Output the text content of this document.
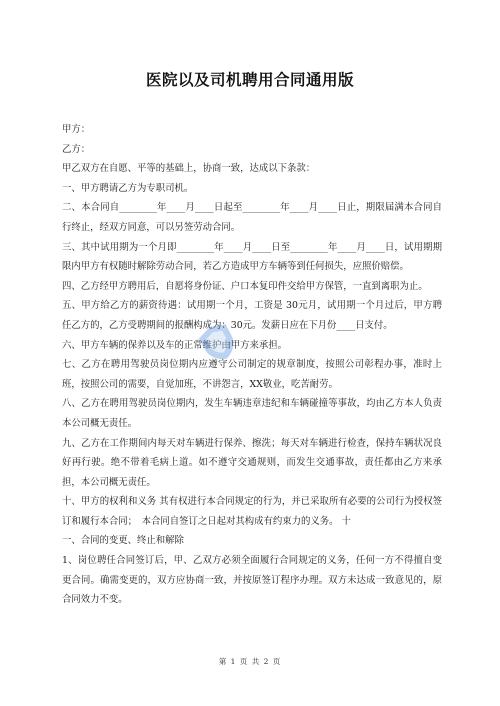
医院以及司机聘用合同通用版

甲方：

乙方：

甲乙双方在自愿、平等的基础上，协商一致，达成以下条款：

一、甲方聘请乙方为专职司机。

二、本合同自________年____月____日起至________年____月____日止，期限届满本合同自行终止，经双方同意，可以另签劳动合同。

三、其中试用期为一个月即________年____月____日至________年____月____日，试用期期限内甲方有权随时解除劳动合同，若乙方造成甲方车辆等到任何损失，应照价赔偿。

四、乙方经甲方聘用后，自愿将身份证、户口本复印件交给甲方保管，一直到离职为止。

五、甲方给乙方的薪资待遇：试用期一个月，工资是 30元月，试用期一个月过后，甲方聘任乙方的，乙方受聘期间的报酬构成为：30元。发薪日应在下月份____日支付。

六、甲方车辆的保养以及车的正常维护由甲方来承担。

七、乙方在聘用驾驶员岗位期内应遵守公司制定的规章制度，按照公司彰程办事，准时上班，按照公司的需要，自觉加班，不讲怨言，XX敬业，吃苦耐劳。

八、乙方在聘用驾驶员岗位期内，发生车辆违章违纪和车辆碰撞等事故，均由乙方本人负责本公司概无责任。

九、乙方在工作期间内每天对车辆进行保养、擦洗；每天对车辆进行检查，保持车辆状况良好再行驶。绝不带着毛病上道。如不遵守交通规则，而发生交通事故，责任都由乙方来承担，本公司概无责任。

十、甲方的权利和义务 其有权进行本合同规定的行为，并已采取所有必要的公司行为授权签订和履行本合同；　本合同自签订之日起对其构成有约束力的义务。 十

一、合同的变更、终止和解除

1、岗位聘任合同签订后，甲、乙双方必须全面履行合同规定的义务，任何一方不得擅自变更合同。确需变更的，双方应协商一致，并按原签订程序办理。双方未达成一致意见的，原合同效力不变。

第 1 页 共 2 页
